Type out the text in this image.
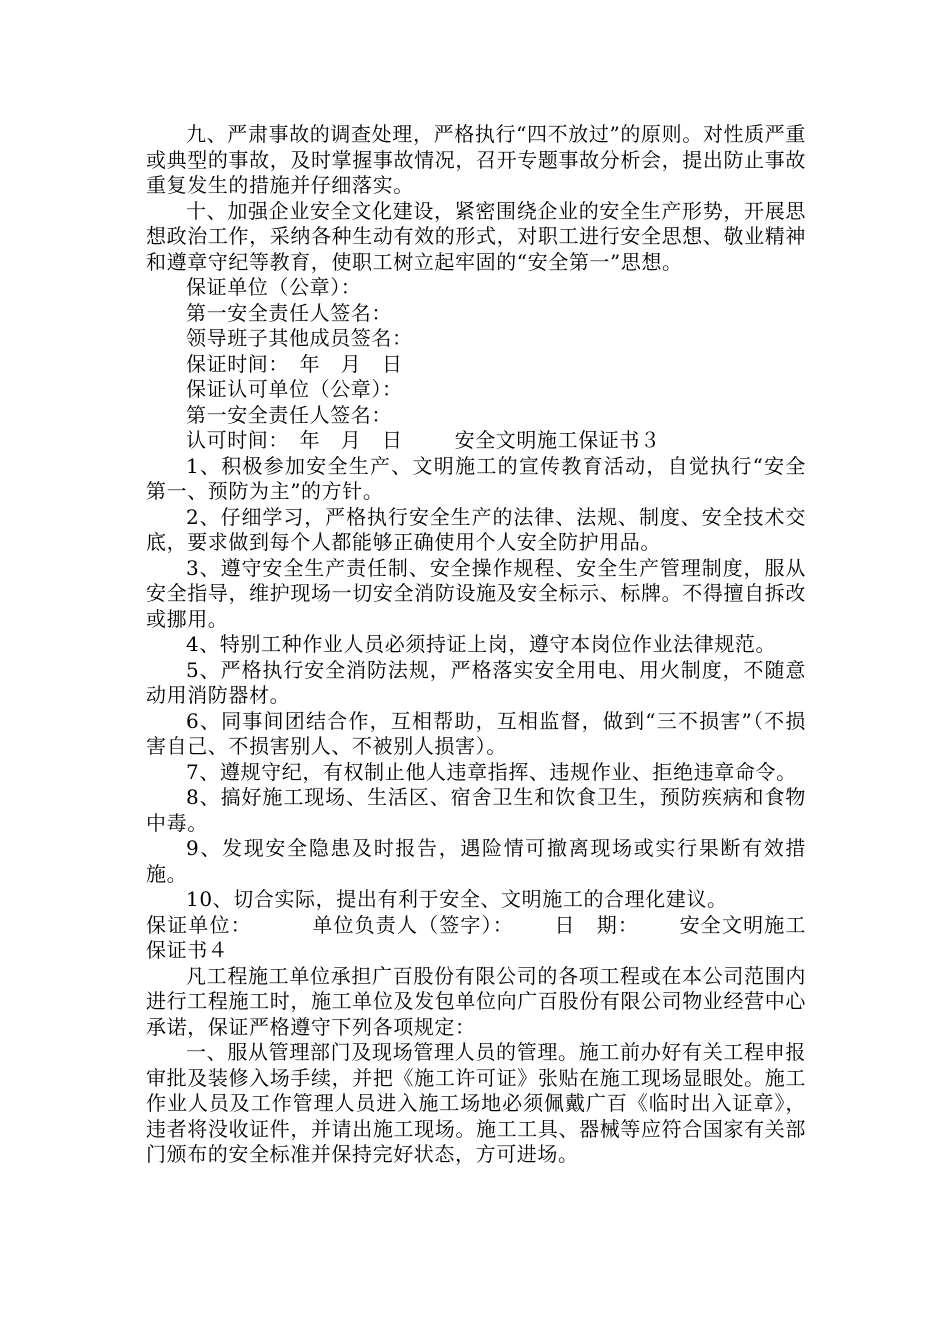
九、严肃事故的调查处理，严格执行“四不放过”的原则。对性质严重或典型的事故，及时掌握事故情况，召开专题事故分析会，提出防止事故重复发生的措施并仔细落实。

十、加强企业安全文化建设，紧密围绕企业的安全生产形势，开展思想政治工作，采纳各种生动有效的形式，对职工进行安全思想、敬业精神和遵章守纪等教育，使职工树立起牢固的“安全第一”思想。

保证单位（公章）：

第一安全责任人签名：

领导班子其他成员签名：

保证时间：　年　月　日

保证认可单位（公章）：

第一安全责任人签名：

认可时间：　年　月　日	安全文明施工保证书３

1、积极参加安全生产、文明施工的宣传教育活动，自觉执行“安全第一、预防为主”的方针。

2、仔细学习，严格执行安全生产的法律、法规、制度、安全技术交底，要求做到每个人都能够正确使用个人安全防护用品。

3、遵守安全生产责任制、安全操作规程、安全生产管理制度，服从安全指导，维护现场一切安全消防设施及安全标示、标牌。不得擅自拆改或挪用。

4、特别工种作业人员必须持证上岗，遵守本岗位作业法律规范。

5、严格执行安全消防法规，严格落实安全用电、用火制度，不随意动用消防器材。

6、同事间团结合作，互相帮助，互相监督，做到“三不损害”（不损害自己、不损害别人、不被别人损害）。

7、遵规守纪，有权制止他人违章指挥、违规作业、拒绝违章命令。

8、搞好施工现场、生活区、宿舍卫生和饮食卫生，预防疾病和食物中毒。

9、发现安全隐患及时报告，遇险情可撤离现场或实行果断有效措施。

10、切合实际，提出有利于安全、文明施工的合理化建议。

保证单位：	单位负责人（签字）： 日　期： 安全文明施工保证书４

凡工程施工单位承担广百股份有限公司的各项工程或在本公司范围内进行工程施工时，施工单位及发包单位向广百股份有限公司物业经营中心承诺，保证严格遵守下列各项规定：

一、服从管理部门及现场管理人员的管理。施工前办好有关工程申报审批及装修入场手续，并把《施工许可证》张贴在施工现场显眼处。施工作业人员及工作管理人员进入施工场地必须佩戴广百《临时出入证章》，违者将没收证件，并请出施工现场。施工工具、器械等应符合国家有关部门颁布的安全标准并保持完好状态，方可进场。
